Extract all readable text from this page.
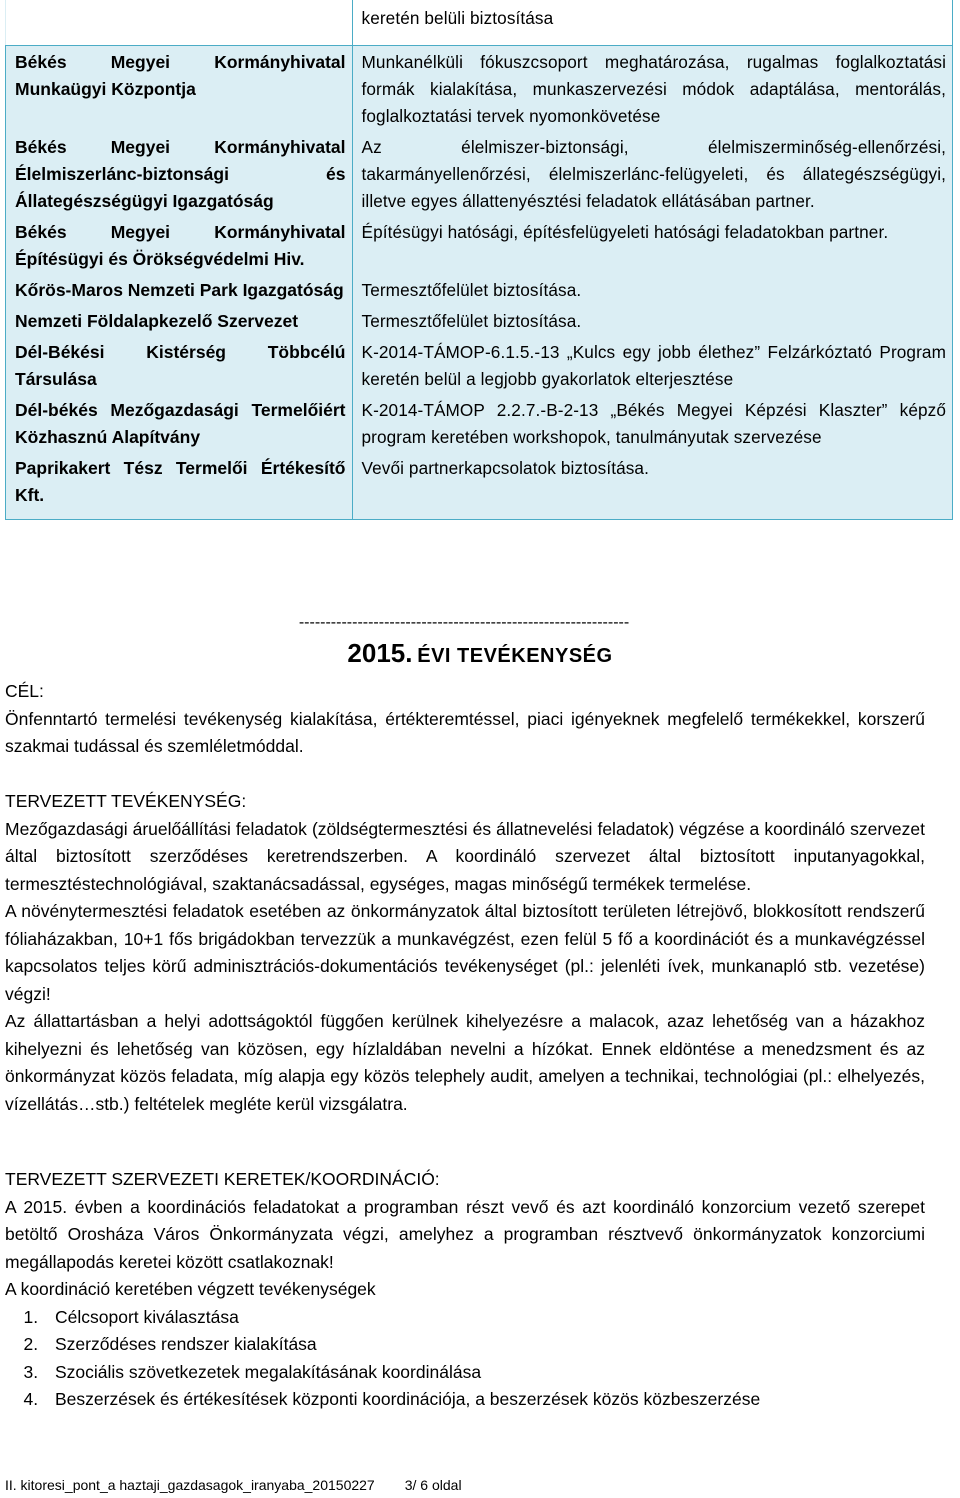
	keretén belüli biztosítása
Békés Megyei Kormányhivatal Munkaügyi Központja	Munkanélküli fókuszcsoport meghatározása, rugalmas foglalkoztatási formák kialakítása, munkaszervezési módok adaptálása, mentorálás, foglalkoztatási tervek nyomonkövetése
Békés Megyei Kormányhivatal Élelmiszerlánc-biztonsági és Állategészségügyi Igazgatóság	Az élelmiszer-biztonsági, élelmiszerminőség-ellenőrzési, takarmányellenőrzési, élelmiszerlánc-felügyeleti, és állategészségügyi, illetve egyes állattenyésztési feladatok ellátásában partner.
Békés Megyei Kormányhivatal Építésügyi és Örökségvédelmi Hiv.	Építésügyi hatósági, építésfelügyeleti hatósági feladatokban partner.
Kőrös-Maros Nemzeti Park Igazgatóság	Termesztőfelület biztosítása.
Nemzeti Földalapkezelő Szervezet	Termesztőfelület biztosítása.
Dél-Békési Kistérség Többcélú Társulása	K-2014-TÁMOP-6.1.5.-13 „Kulcs egy jobb élethez” Felzárkóztató Program keretén belül a legjobb gyakorlatok elterjesztése
Dél-békés Mezőgazdasági Termelőiért Közhasznú Alapítvány	K-2014-TÁMOP 2.2.7.-B-2-13 „Békés Megyei Képzési Klaszter” képző program keretében workshopok, tanulmányutak szervezése
Paprikakert Tész Termelői Értékesítő Kft.	Vevői partnerkapcsolatok biztosítása.
--------------------------------------------------------------
2015. ÉVI TEVÉKENYSÉG

CÉL:

Önfenntartó termelési tevékenység kialakítása, értékteremtéssel, piaci igényeknek megfelelő termékekkel, korszerű szakmai tudással és szemléletmóddal.

TERVEZETT TEVÉKENYSÉG:

Mezőgazdasági áruelőállítási feladatok (zöldségtermesztési és állatnevelési feladatok) végzése a koordináló szervezet által biztosított szerződéses keretrendszerben. A koordináló szervezet által biztosított inputanyagokkal, termesztéstechnológiával, szaktanácsadással, egységes, magas minőségű termékek termelése.

A növénytermesztési feladatok esetében az önkormányzatok által biztosított területen létrejövő, blokkosított rendszerű fóliaházakban, 10+1 fős brigádokban tervezzük a munkavégzést, ezen felül 5 fő a koordinációt és a munkavégzéssel kapcsolatos teljes körű adminisztrációs-dokumentációs tevékenységet (pl.: jelenléti ívek, munkanapló stb. vezetése) végzi!

Az állattartásban a helyi adottságoktól függően kerülnek kihelyezésre a malacok, azaz lehetőség van a házakhoz kihelyezni és lehetőség van közösen, egy hízlaldában nevelni a hízókat. Ennek eldöntése a menedzsment és az önkormányzat közös feladata, míg alapja egy közös telephely audit, amelyen a technikai, technológiai (pl.: elhelyezés, vízellátás…stb.) feltételek megléte kerül vizsgálatra.

TERVEZETT SZERVEZETI KERETEK/KOORDINÁCIÓ:

A 2015. évben a koordinációs feladatokat a programban részt vevő és azt koordináló konzorcium vezető szerepet betöltő Orosháza Város Önkormányzata végzi, amelyhez a programban résztvevő önkormányzatok konzorciumi megállapodás keretei között csatlakoznak!

A koordináció keretében végzett tevékenységek

1. Célcsoport kiválasztása
2. Szerződéses rendszer kialakítása
3. Szociális szövetkezetek megalakításának koordinálása
4. Beszerzések és értékesítések központi koordinációja, a beszerzések közös közbeszerzése
II. kitoresi_pont_a haztaji_gazdasagok_iranyaba_20150227 3/ 6 oldal
